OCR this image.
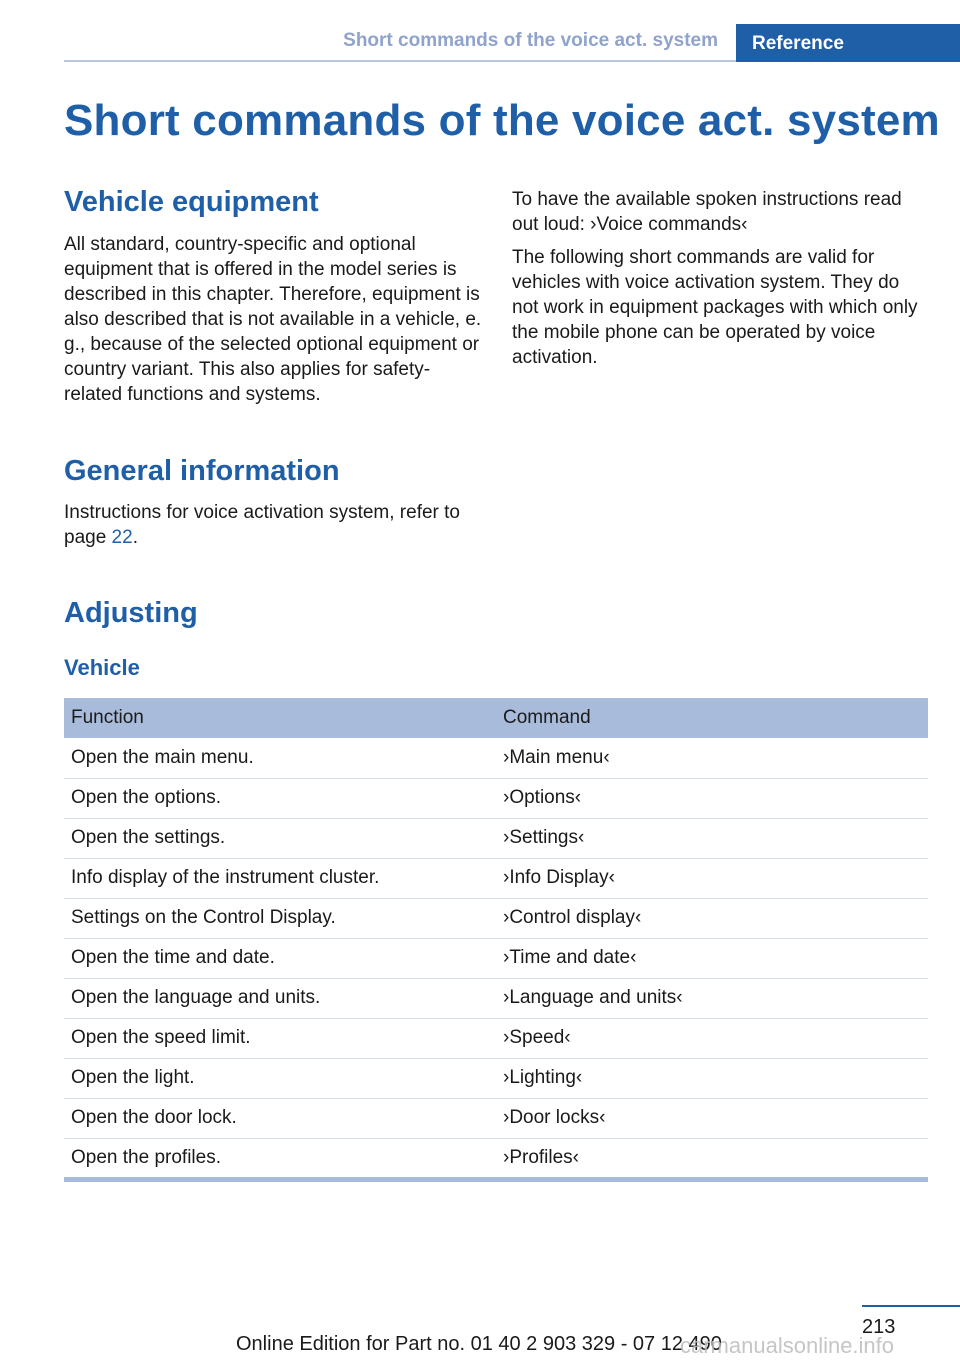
Short commands of the voice act. system	Reference
Short commands of the voice act. system
Vehicle equipment

All standard, country-specific and optional equipment that is offered in the model series is described in this chapter. Therefore, equipment is also described that is not available in a vehicle, e. g., because of the selected optional equipment or country variant. This also applies for safety-related functions and systems.

General information

Instructions for voice activation system, refer to page 22.

To have the available spoken instructions read out loud: ›Voice commands‹

The following short commands are valid for vehicles with voice activation system. They do not work in equipment packages with which only the mobile phone can be operated by voice activation.

Adjusting
Vehicle
Function	Command
Open the main menu.	›Main menu‹
Open the options.	›Options‹
Open the settings.	›Settings‹
Info display of the instrument cluster.	›Info Display‹
Settings on the Control Display.	›Control display‹
Open the time and date.	›Time and date‹
Open the language and units.	›Language and units‹
Open the speed limit.	›Speed‹
Open the light.	›Lighting‹
Open the door lock.	›Door locks‹
Open the profiles.	›Profiles‹
213
Online Edition for Part no. 01 40 2 903 329 - 07 12 490
carmanualsonline.info
